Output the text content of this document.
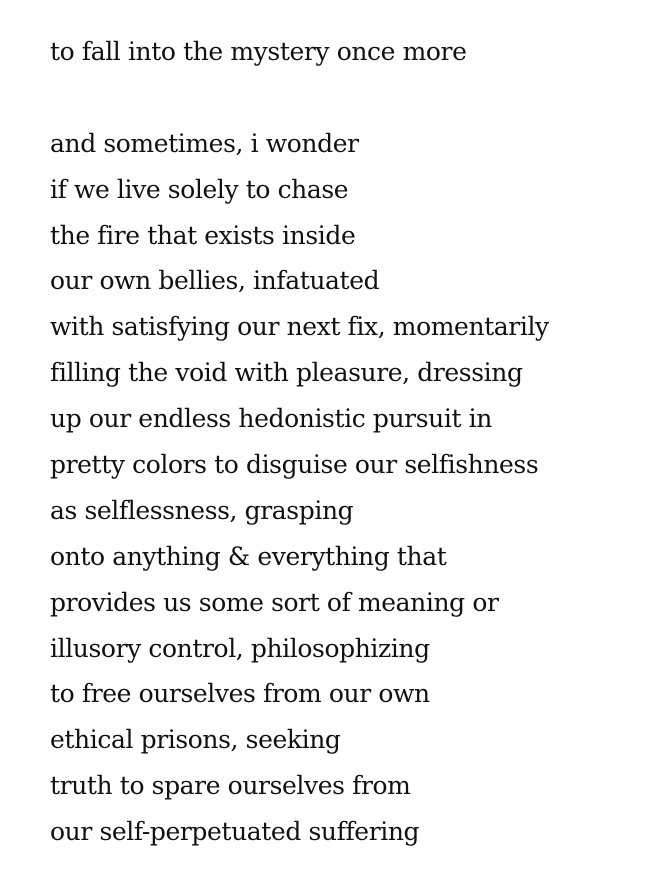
to fall into the mystery once more
and sometimes, i wonder
if we live solely to chase
the fire that exists inside
our own bellies, infatuated
with satisfying our next fix, momentarily
filling the void with pleasure, dressing
up our endless hedonistic pursuit in
pretty colors to disguise our selfishness
as selflessness, grasping
onto anything & everything that
provides us some sort of meaning or
illusory control, philosophizing
to free ourselves from our own
ethical prisons, seeking
truth to spare ourselves from
our self-perpetuated suffering
